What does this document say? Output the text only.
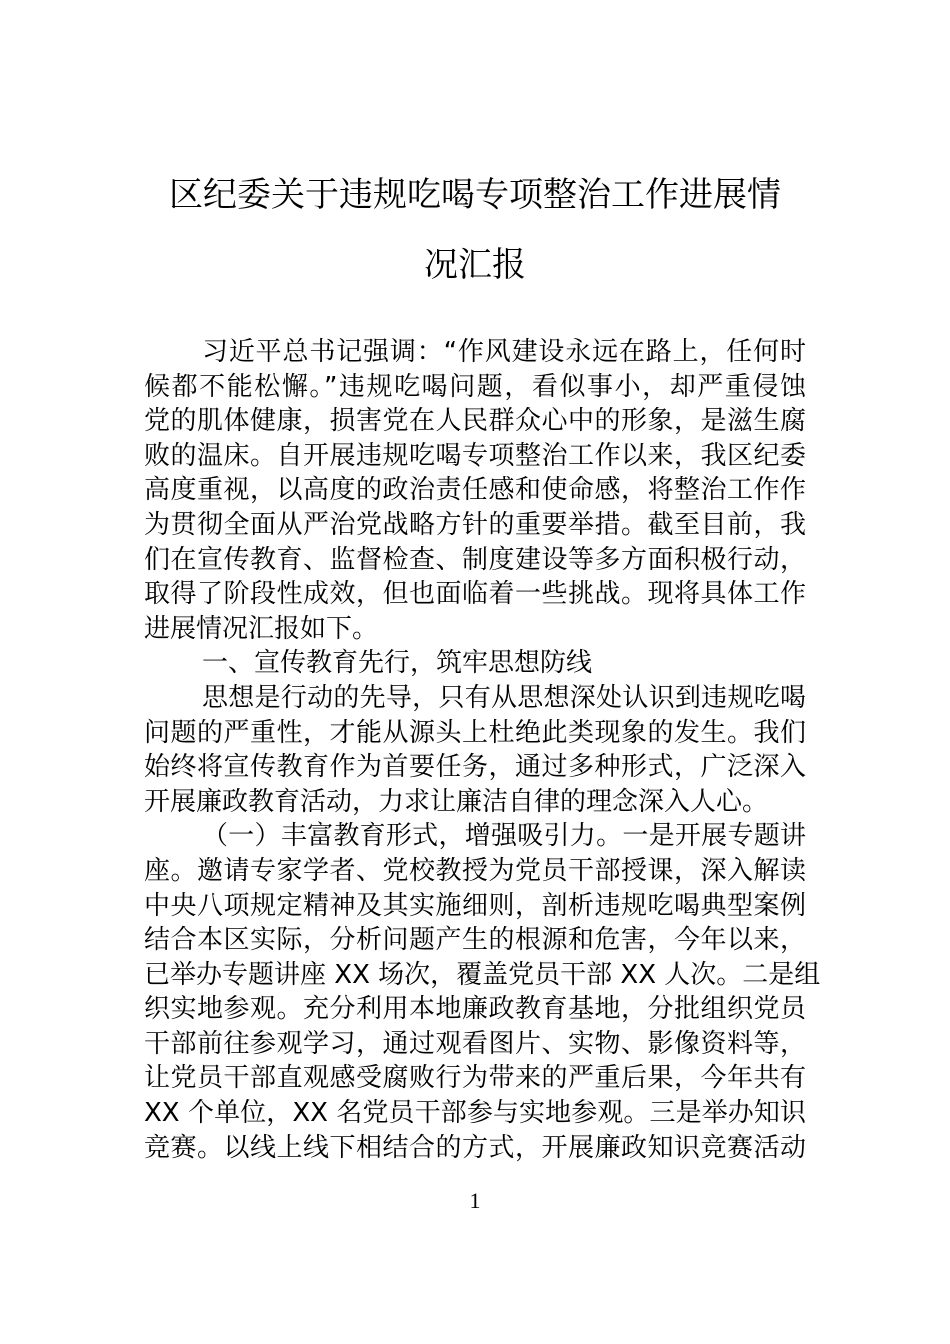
区纪委关于违规吃喝专项整治工作进展情
况汇报
习近平总书记强调：“作风建设永远在路上，任何时
候都不能松懈。”违规吃喝问题，看似事小，却严重侵蚀
党的肌体健康，损害党在人民群众心中的形象，是滋生腐
败的温床。自开展违规吃喝专项整治工作以来，我区纪委
高度重视，以高度的政治责任感和使命感，将整治工作作
为贯彻全面从严治党战略方针的重要举措。截至目前，我
们在宣传教育、监督检查、制度建设等多方面积极行动，
取得了阶段性成效，但也面临着一些挑战。现将具体工作
进展情况汇报如下。
一、宣传教育先行，筑牢思想防线
思想是行动的先导，只有从思想深处认识到违规吃喝
问题的严重性，才能从源头上杜绝此类现象的发生。我们
始终将宣传教育作为首要任务，通过多种形式，广泛深入
开展廉政教育活动，力求让廉洁自律的理念深入人心。
（一）丰富教育形式，增强吸引力。一是开展专题讲
座。邀请专家学者、党校教授为党员干部授课，深入解读
中央八项规定精神及其实施细则，剖析违规吃喝典型案例
结合本区实际，分析问题产生的根源和危害，今年以来，
已举办专题讲座 XX 场次，覆盖党员干部 XX 人次。二是组
织实地参观。充分利用本地廉政教育基地，分批组织党员
干部前往参观学习，通过观看图片、实物、影像资料等，
让党员干部直观感受腐败行为带来的严重后果，今年共有
XX 个单位，XX 名党员干部参与实地参观。三是举办知识
竞赛。以线上线下相结合的方式，开展廉政知识竞赛活动
1
